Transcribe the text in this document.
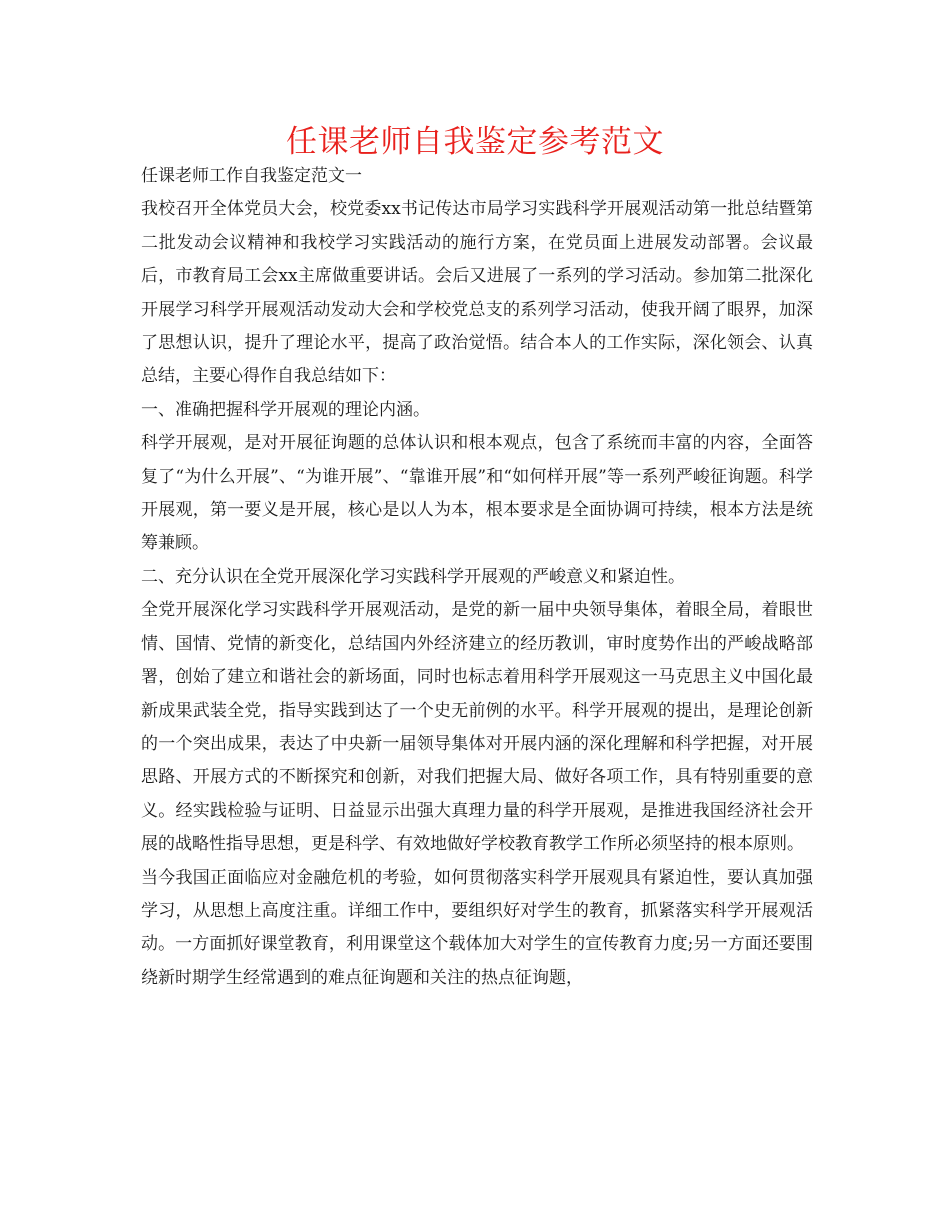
任课老师自我鉴定参考范文

任课老师工作自我鉴定范文一

我校召开全体党员大会，校党委xx书记传达市局学习实践科学开展观活动第一批总结暨第二批发动会议精神和我校学习实践活动的施行方案，在党员面上进展发动部署。会议最后，市教育局工会xx主席做重要讲话。会后又进展了一系列的学习活动。参加第二批深化开展学习科学开展观活动发动大会和学校党总支的系列学习活动，使我开阔了眼界，加深了思想认识，提升了理论水平，提高了政治觉悟。结合本人的工作实际，深化领会、认真总结，主要心得作自我总结如下：

一、准确把握科学开展观的理论内涵。

科学开展观，是对开展征询题的总体认识和根本观点，包含了系统而丰富的内容，全面答复了“为什么开展”、“为谁开展”、“靠谁开展”和“如何样开展”等一系列严峻征询题。科学开展观，第一要义是开展，核心是以人为本，根本要求是全面协调可持续，根本方法是统筹兼顾。

二、充分认识在全党开展深化学习实践科学开展观的严峻意义和紧迫性。

全党开展深化学习实践科学开展观活动，是党的新一届中央领导集体，着眼全局，着眼世情、国情、党情的新变化，总结国内外经济建立的经历教训，审时度势作出的严峻战略部署，创始了建立和谐社会的新场面，同时也标志着用科学开展观这一马克思主义中国化最新成果武装全党，指导实践到达了一个史无前例的水平。科学开展观的提出，是理论创新的一个突出成果，表达了中央新一届领导集体对开展内涵的深化理解和科学把握，对开展思路、开展方式的不断探究和创新，对我们把握大局、做好各项工作，具有特别重要的意义。经实践检验与证明、日益显示出强大真理力量的科学开展观，是推进我国经济社会开展的战略性指导思想，更是科学、有效地做好学校教育教学工作所必须坚持的根本原则。

当今我国正面临应对金融危机的考验，如何贯彻落实科学开展观具有紧迫性，要认真加强学习，从思想上高度注重。详细工作中，要组织好对学生的教育，抓紧落实科学开展观活动。一方面抓好课堂教育，利用课堂这个载体加大对学生的宣传教育力度;另一方面还要围绕新时期学生经常遇到的难点征询题和关注的热点征询题，
